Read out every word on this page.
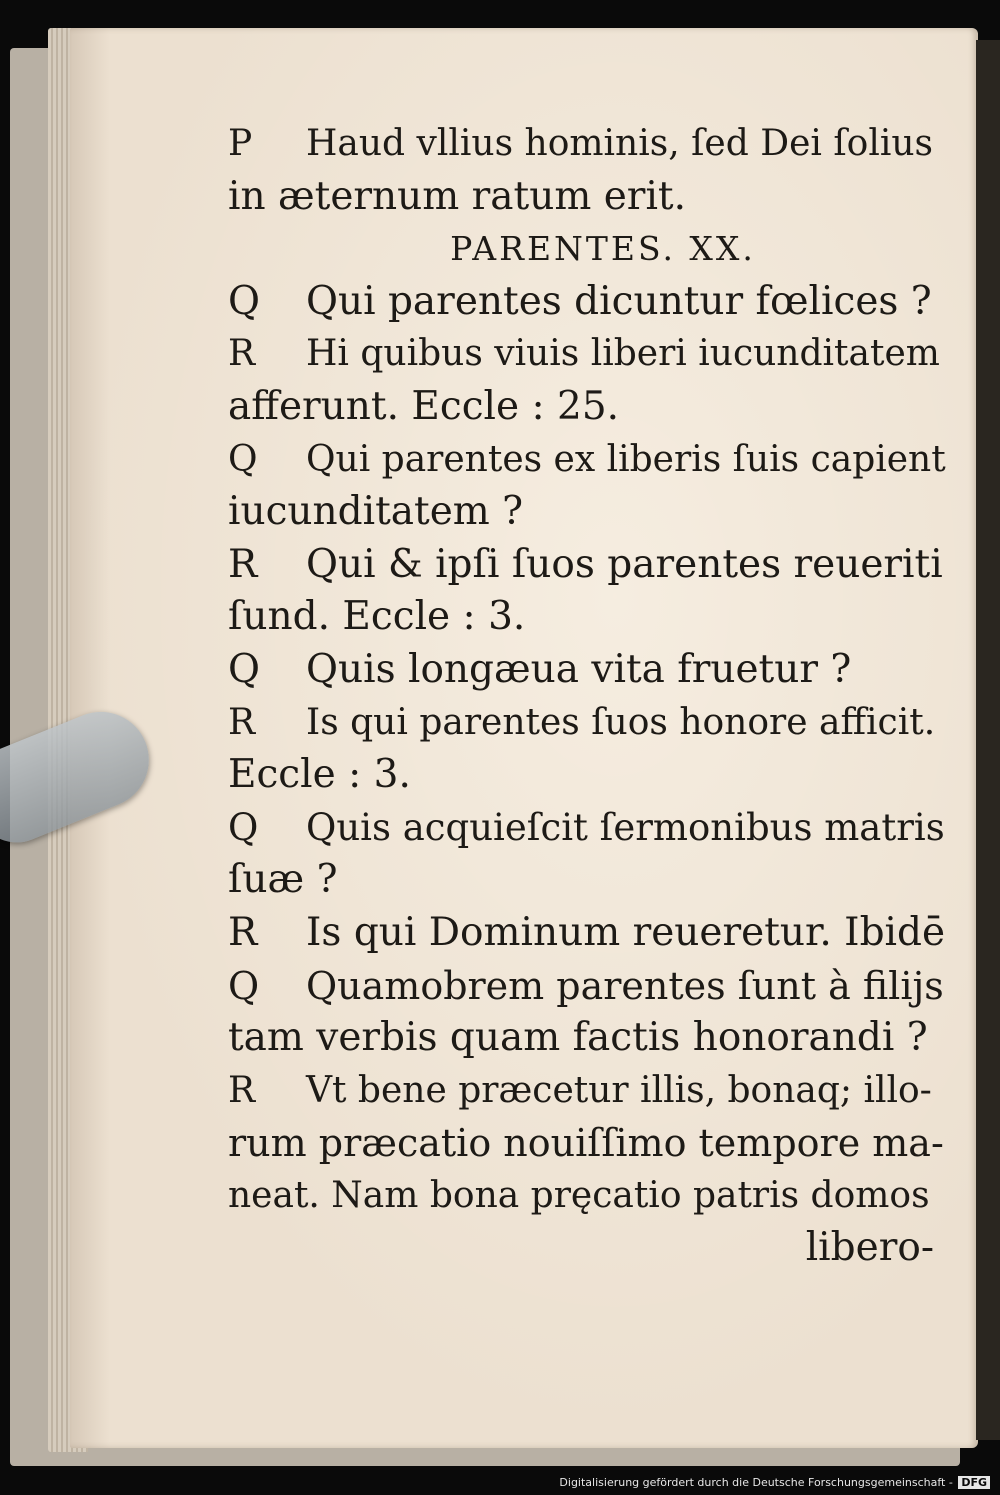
P Haud vllius hominis, ſed Dei ſolius
in æternum ratum erit.
PARENTES. XX.
Q Qui parentes dicuntur fœlices ?
R Hi quibus viuis liberi iucunditatem
afferunt. Eccle : 25.
Q Qui parentes ex liberis ſuis capient
iucunditatem ?
R Qui & ipſi ſuos parentes reueriti
ſund. Eccle : 3.
Q Quis longæua vita fruetur ?
R Is qui parentes ſuos honore afficit.
Eccle : 3.
Q Quis acquieſcit ſermonibus matris
ſuæ ?
R Is qui Dominum reueretur. Ibidē
Q Quamobrem parentes ſunt à filijs
tam verbis quam factis honorandi ?
R Vt bene præcetur illis, bonaq; illo-
rum præcatio nouiſſimo tempore ma-
neat. Nam bona pręcatio patris domos
libero-
Digitalisierung gefördert durch die Deutsche Forschungsgemeinschaft - DFG
